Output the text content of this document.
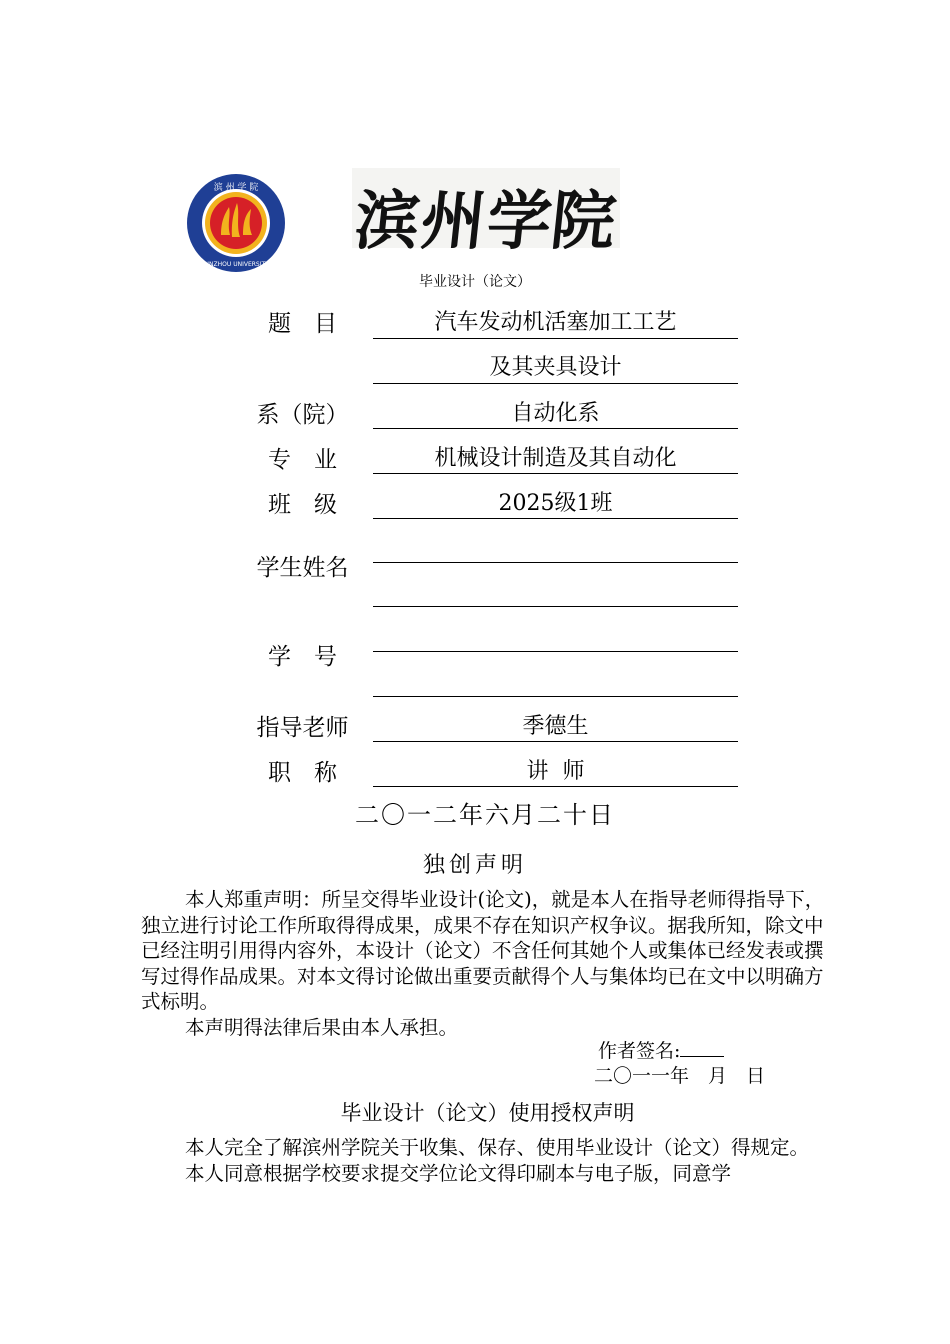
滨 州 学 院
BINZHOU UNIVERSITY
滨
州
学
院
毕业设计（论文）
题　目	汽车发动机活塞加工工艺
及其夹具设计
系（院）	自动化系
专　业	机械设计制造及其自动化
班　级	2025级1班
学生姓名
学　号
指导老师	季德生
职　称	讲  师
二〇一二年六月二十日
独创声明

本人郑重声明：所呈交得毕业设计(论文)，就是本人在指导老师得指导下，独立进行讨论工作所取得得成果，成果不存在知识产权争议。据我所知，除文中已经注明引用得内容外，本设计（论文）不含任何其她个人或集体已经发表或撰写过得作品成果。对本文得讨论做出重要贡献得个人与集体均已在文中以明确方式标明。

本声明得法律后果由本人承担。

作者签名:
二〇一一年　月　日
毕业设计（论文）使用授权声明

本人完全了解滨州学院关于收集、保存、使用毕业设计（论文）得规定。

本人同意根据学校要求提交学位论文得印刷本与电子版，同意学
